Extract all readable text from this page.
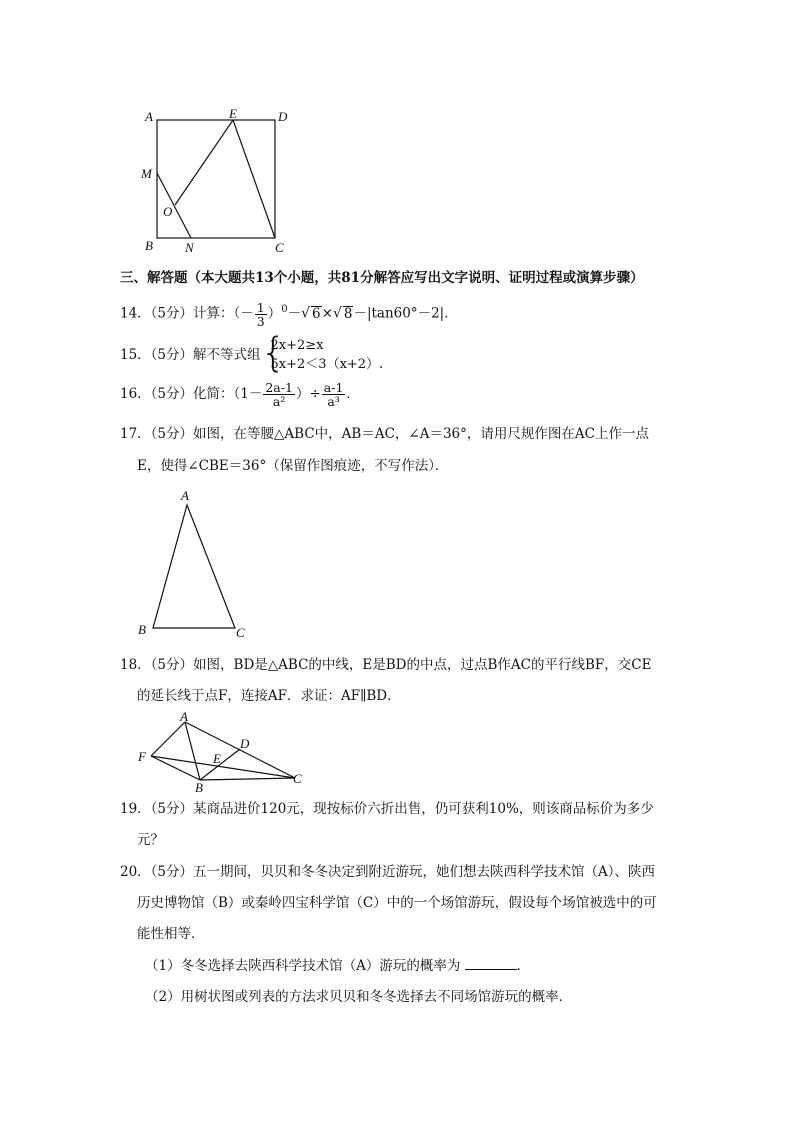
A	E	D
M
O
B N	C
三、解答题（本大题共13个小题，共81分解答应写出文字说明、证明过程或演算步骤）
14．（5分）计算：（－ $\frac{1}{3} )^0-√$ 6×√ 8－|tan60°－2|．
15．（5分）解不等式组 {
2x+2≥x
5x+2＜3（x+2） ．
16．（5分）化简：（$1- \frac{2a-1}{\text{a²}}$ ）÷ $\frac{a-1}{\text{a³}}$ ．
17．（5分）如图，在等腰△ABC中，AB＝AC，∠A＝36°，请用尺规作图在AC上作一点
E，使得∠CBE＝36°（保留作图痕迹，不写作法）．
A
B	C
18．（5分）如图，BD是△ABC的中线，E是BD的中点，过点B作AC的平行线BF，交CE
的延长线于点F，连接AF．求证：AF∥BD．
A
D
F	E
B
C
19．（5分）某商品进价120元，现按标价六折出售，仍可获利10%，则该商品标价为多少
元？
20．（5分）五一期间，贝贝和冬冬决定到附近游玩，她们想去陕西科学技术馆（A）、陕西
历史博物馆（B）或秦岭四宝科学馆（C）中的一个场馆游玩，假设每个场馆被选中的可
能性相等．
（1）冬冬选择去陕西科学技术馆（A）游玩的概率为	．
（2）用树状图或列表的方法求贝贝和冬冬选择去不同场馆游玩的概率．
